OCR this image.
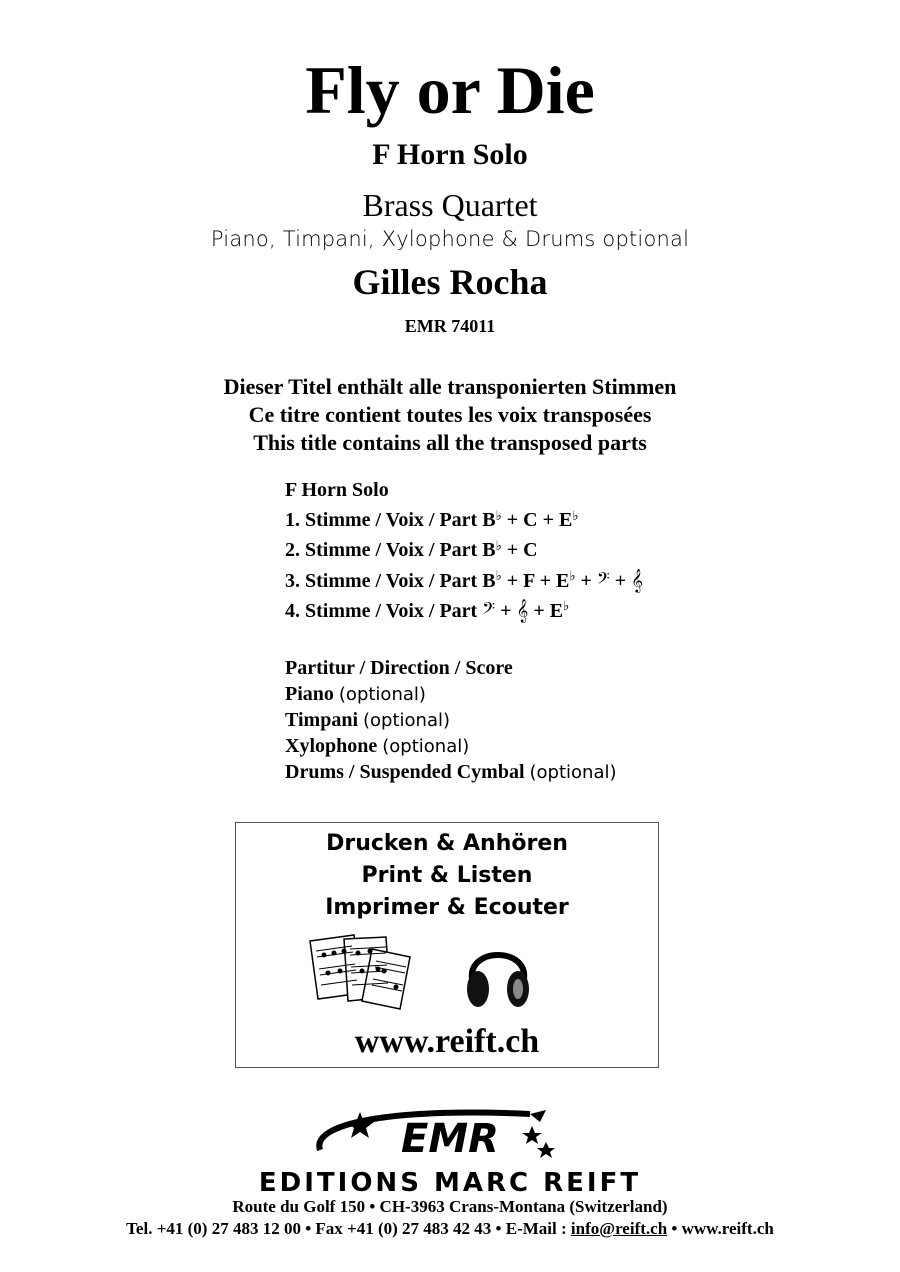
Fly or Die
F Horn Solo
Brass Quartet
Piano, Timpani, Xylophone & Drums optional
Gilles Rocha
EMR 74011
Dieser Titel enthält alle transponierten Stimmen
Ce titre contient toutes les voix transposées
This title contains all the transposed parts
F Horn Solo
1. Stimme / Voix / Part B♭ + C + E♭
2. Stimme / Voix / Part B♭ + C
3. Stimme / Voix / Part B♭ + F + E♭ + 𝄢 + 𝄞
4. Stimme / Voix / Part 𝄢 + 𝄞 + E♭
Partitur / Direction / Score
Piano (optional)
Timpani (optional)
Xylophone (optional)
Drums / Suspended Cymbal (optional)
Drucken & Anhören
Print & Listen
Imprimer & Ecouter
www.reift.ch
EMR
EDITIONS MARC REIFT
Route du Golf 150 • CH-3963 Crans-Montana (Switzerland)
Tel. +41 (0) 27 483 12 00 • Fax +41 (0) 27 483 42 43 • E-Mail : info@reift.ch • www.reift.ch
